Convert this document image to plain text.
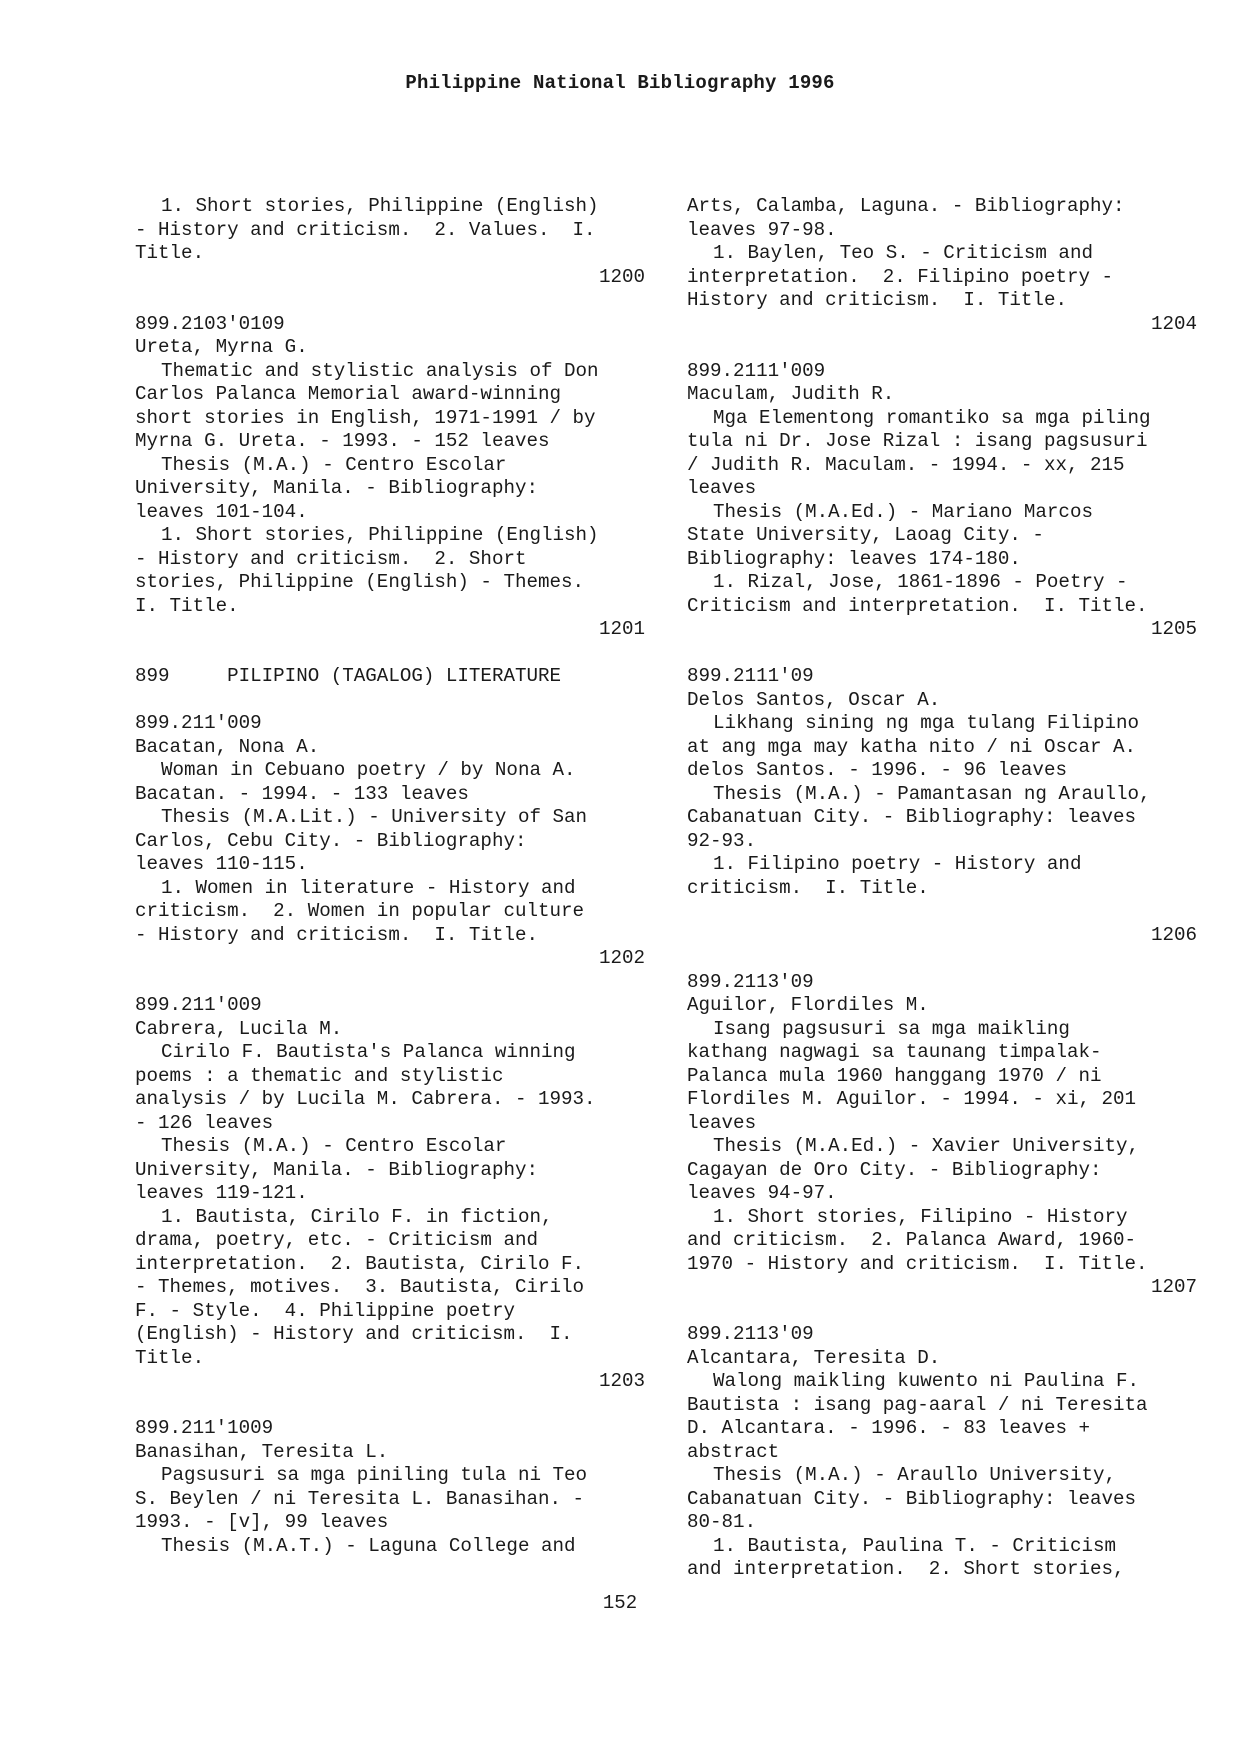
Philippine National Bibliography 1996
1. Short stories, Philippine (English)
- History and criticism.  2. Values.  I.
Title.
1200
899.2103'0109
Ureta, Myrna G.
Thematic and stylistic analysis of Don
Carlos Palanca Memorial award-winning
short stories in English, 1971-1991 / by
Myrna G. Ureta. - 1993. - 152 leaves
Thesis (M.A.) - Centro Escolar
University, Manila. - Bibliography:
leaves 101-104.
1. Short stories, Philippine (English)
- History and criticism.  2. Short
stories, Philippine (English) - Themes.
I. Title.
1201
899     PILIPINO (TAGALOG) LITERATURE
899.211'009
Bacatan, Nona A.
Woman in Cebuano poetry / by Nona A.
Bacatan. - 1994. - 133 leaves
Thesis (M.A.Lit.) - University of San
Carlos, Cebu City. - Bibliography:
leaves 110-115.
1. Women in literature - History and
criticism.  2. Women in popular culture
- History and criticism.  I. Title.
1202
899.211'009
Cabrera, Lucila M.
Cirilo F. Bautista's Palanca winning
poems : a thematic and stylistic
analysis / by Lucila M. Cabrera. - 1993.
- 126 leaves
Thesis (M.A.) - Centro Escolar
University, Manila. - Bibliography:
leaves 119-121.
1. Bautista, Cirilo F. in fiction,
drama, poetry, etc. - Criticism and
interpretation.  2. Bautista, Cirilo F.
- Themes, motives.  3. Bautista, Cirilo
F. - Style.  4. Philippine poetry
(English) - History and criticism.  I.
Title.
1203
899.211'1009
Banasihan, Teresita L.
Pagsusuri sa mga piniling tula ni Teo
S. Beylen / ni Teresita L. Banasihan. -
1993. - [v], 99 leaves
Thesis (M.A.T.) - Laguna College and
Arts, Calamba, Laguna. - Bibliography:
leaves 97-98.
1. Baylen, Teo S. - Criticism and
interpretation.  2. Filipino poetry -
History and criticism.  I. Title.
1204
899.2111'009
Maculam, Judith R.
Mga Elementong romantiko sa mga piling
tula ni Dr. Jose Rizal : isang pagsusuri
/ Judith R. Maculam. - 1994. - xx, 215
leaves
Thesis (M.A.Ed.) - Mariano Marcos
State University, Laoag City. -
Bibliography: leaves 174-180.
1. Rizal, Jose, 1861-1896 - Poetry -
Criticism and interpretation.  I. Title.
1205
899.2111'09
Delos Santos, Oscar A.
Likhang sining ng mga tulang Filipino
at ang mga may katha nito / ni Oscar A.
delos Santos. - 1996. - 96 leaves
Thesis (M.A.) - Pamantasan ng Araullo,
Cabanatuan City. - Bibliography: leaves
92-93.
1. Filipino poetry - History and
criticism.  I. Title.
1206
899.2113'09
Aguilor, Flordiles M.
Isang pagsusuri sa mga maikling
kathang nagwagi sa taunang timpalak-
Palanca mula 1960 hanggang 1970 / ni
Flordiles M. Aguilor. - 1994. - xi, 201
leaves
Thesis (M.A.Ed.) - Xavier University,
Cagayan de Oro City. - Bibliography:
leaves 94-97.
1. Short stories, Filipino - History
and criticism.  2. Palanca Award, 1960-
1970 - History and criticism.  I. Title.
1207
899.2113'09
Alcantara, Teresita D.
Walong maikling kuwento ni Paulina F.
Bautista : isang pag-aaral / ni Teresita
D. Alcantara. - 1996. - 83 leaves +
abstract
Thesis (M.A.) - Araullo University,
Cabanatuan City. - Bibliography: leaves
80-81.
1. Bautista, Paulina T. - Criticism
and interpretation.  2. Short stories,
152
